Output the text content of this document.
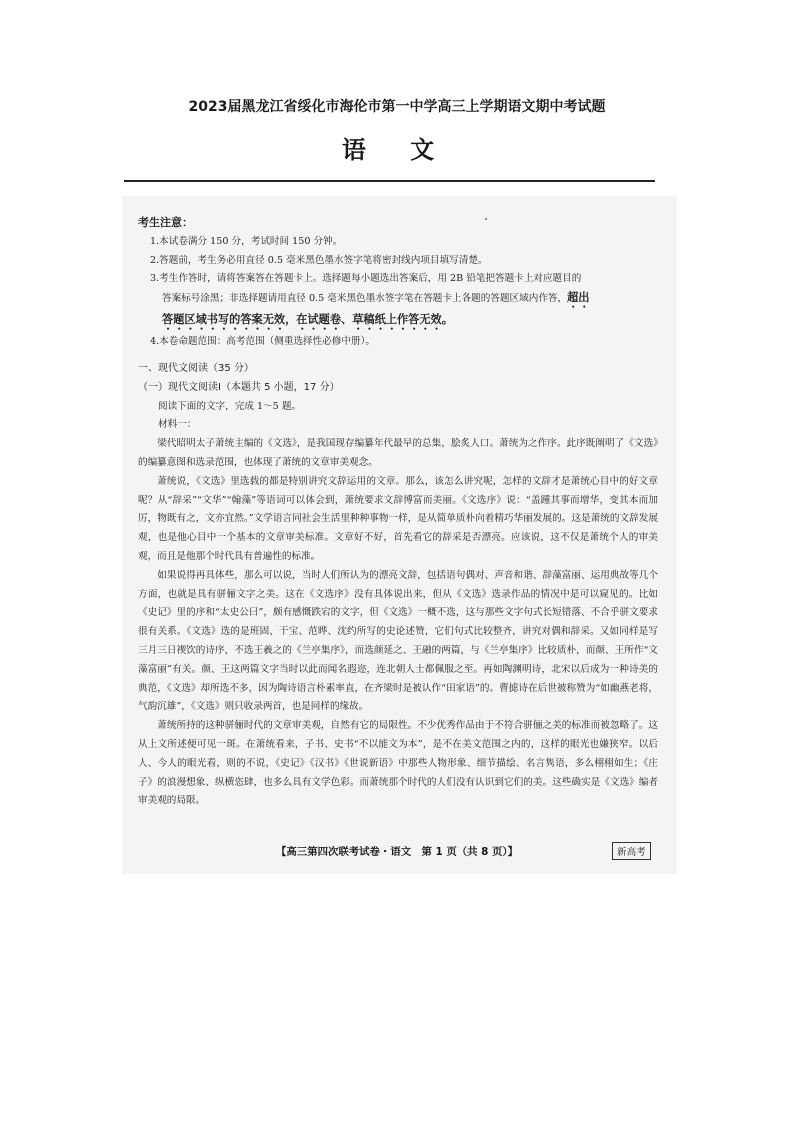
2023届黑龙江省绥化市海伦市第一中学高三上学期语文期中考试题
语 文
考生注意：
1.本试卷满分 150 分，考试时间 150 分钟。
2.答题前，考生务必用直径 0.5 毫米黑色墨水签字笔将密封线内项目填写清楚。
3.考生作答时，请将答案答在答题卡上。选择题每小题选出答案后，用 2B 铅笔把答题卡上对应题目的
答案标号涂黑；非选择题请用直径 0.5 毫米黑色墨水签字笔在答题卡上各题的答题区域内作答，超出
答题区域书写的答案无效，在试题卷、草稿纸上作答无效。
4.本卷命题范围：高考范围（侧重选择性必修中册）。
一、现代文阅读（35 分）
（一）现代文阅读Ⅰ（本题共 5 小题，17 分）
阅读下面的文字，完成 1～5 题。
材料一：

梁代昭明太子萧统主编的《文选》，是我国现存编纂年代最早的总集，脍炙人口。萧统为之作序。此序既阐明了《文选》的编纂意图和选录范围，也体现了萧统的文章审美观念。

萧统说，《文选》里选载的都是特别讲究文辞运用的文章。那么，该怎么讲究呢，怎样的文辞才是萧统心目中的好文章呢？从“辞采”“文华”“翰藻”等语词可以体会到，萧统要求文辞博富而美丽。《文选序》说：“盖踵其事而增华，变其本而加厉，物既有之，文亦宜然。”文学语言同社会生活里种种事物一样，是从简单质朴向着精巧华丽发展的。这是萧统的文辞发展观，也是他心目中一个基本的文章审美标准。文章好不好，首先看它的辞采是否漂亮。应该说，这不仅是萧统个人的审美观，而且是他那个时代具有普遍性的标准。

如果说得再具体些，那么可以说，当时人们所认为的漂亮文辞，包括语句偶对、声音和谐、辞藻富丽、运用典故等几个方面，也就是具有骈俪文字之美。这在《文选序》没有具体说出来，但从《文选》选录作品的情况中是可以窥见的。比如《史记》里的序和“太史公曰”，颇有感慨跌宕的文字，但《文选》一概不选，这与那些文字句式长短错落、不合乎骈文要求很有关系。《文选》选的是班固、干宝、范晔、沈约所写的史论述赞，它们句式比较整齐，讲究对偶和辞采。又如同样是写三月三日禊饮的诗序，不选王羲之的《兰亭集序》，而选颜延之、王融的两篇，与《兰亭集序》比较质朴，而颜、王所作“文藻富丽”有关。颜、王这两篇文字当时以此而闻名遐迩，连北朝人士都佩服之至。再如陶渊明诗，北宋以后成为一种诗美的典范，《文选》却所选不多，因为陶诗语言朴素率直，在齐梁时是被认作“田家语”的。曹摅诗在后世被称赞为“如幽燕老将，气韵沉雄”，《文选》则只收录两首，也是同样的缘故。

萧统所持的这种骈俪时代的文章审美观，自然有它的局限性。不少优秀作品由于不符合骈俪之美的标准而被忽略了。这从上文所述便可见一斑。在萧统看来，子书、史书“不以能文为本”，是不在美文范围之内的，这样的眼光也嫌狭窄。以后人、今人的眼光看，则的不说，《史记》《汉书》《世说新语》中那些人物形象、细节描绘、名言隽语，多么栩栩如生；《庄子》的浪漫想象、纵横恣肆，也多么具有文学色彩。而萧统那个时代的人们没有认识到它们的美。这些确实是《文选》编者审美观的局限。

【高三第四次联考试卷・语文　第 1 页（共 8 页）】	新高考
